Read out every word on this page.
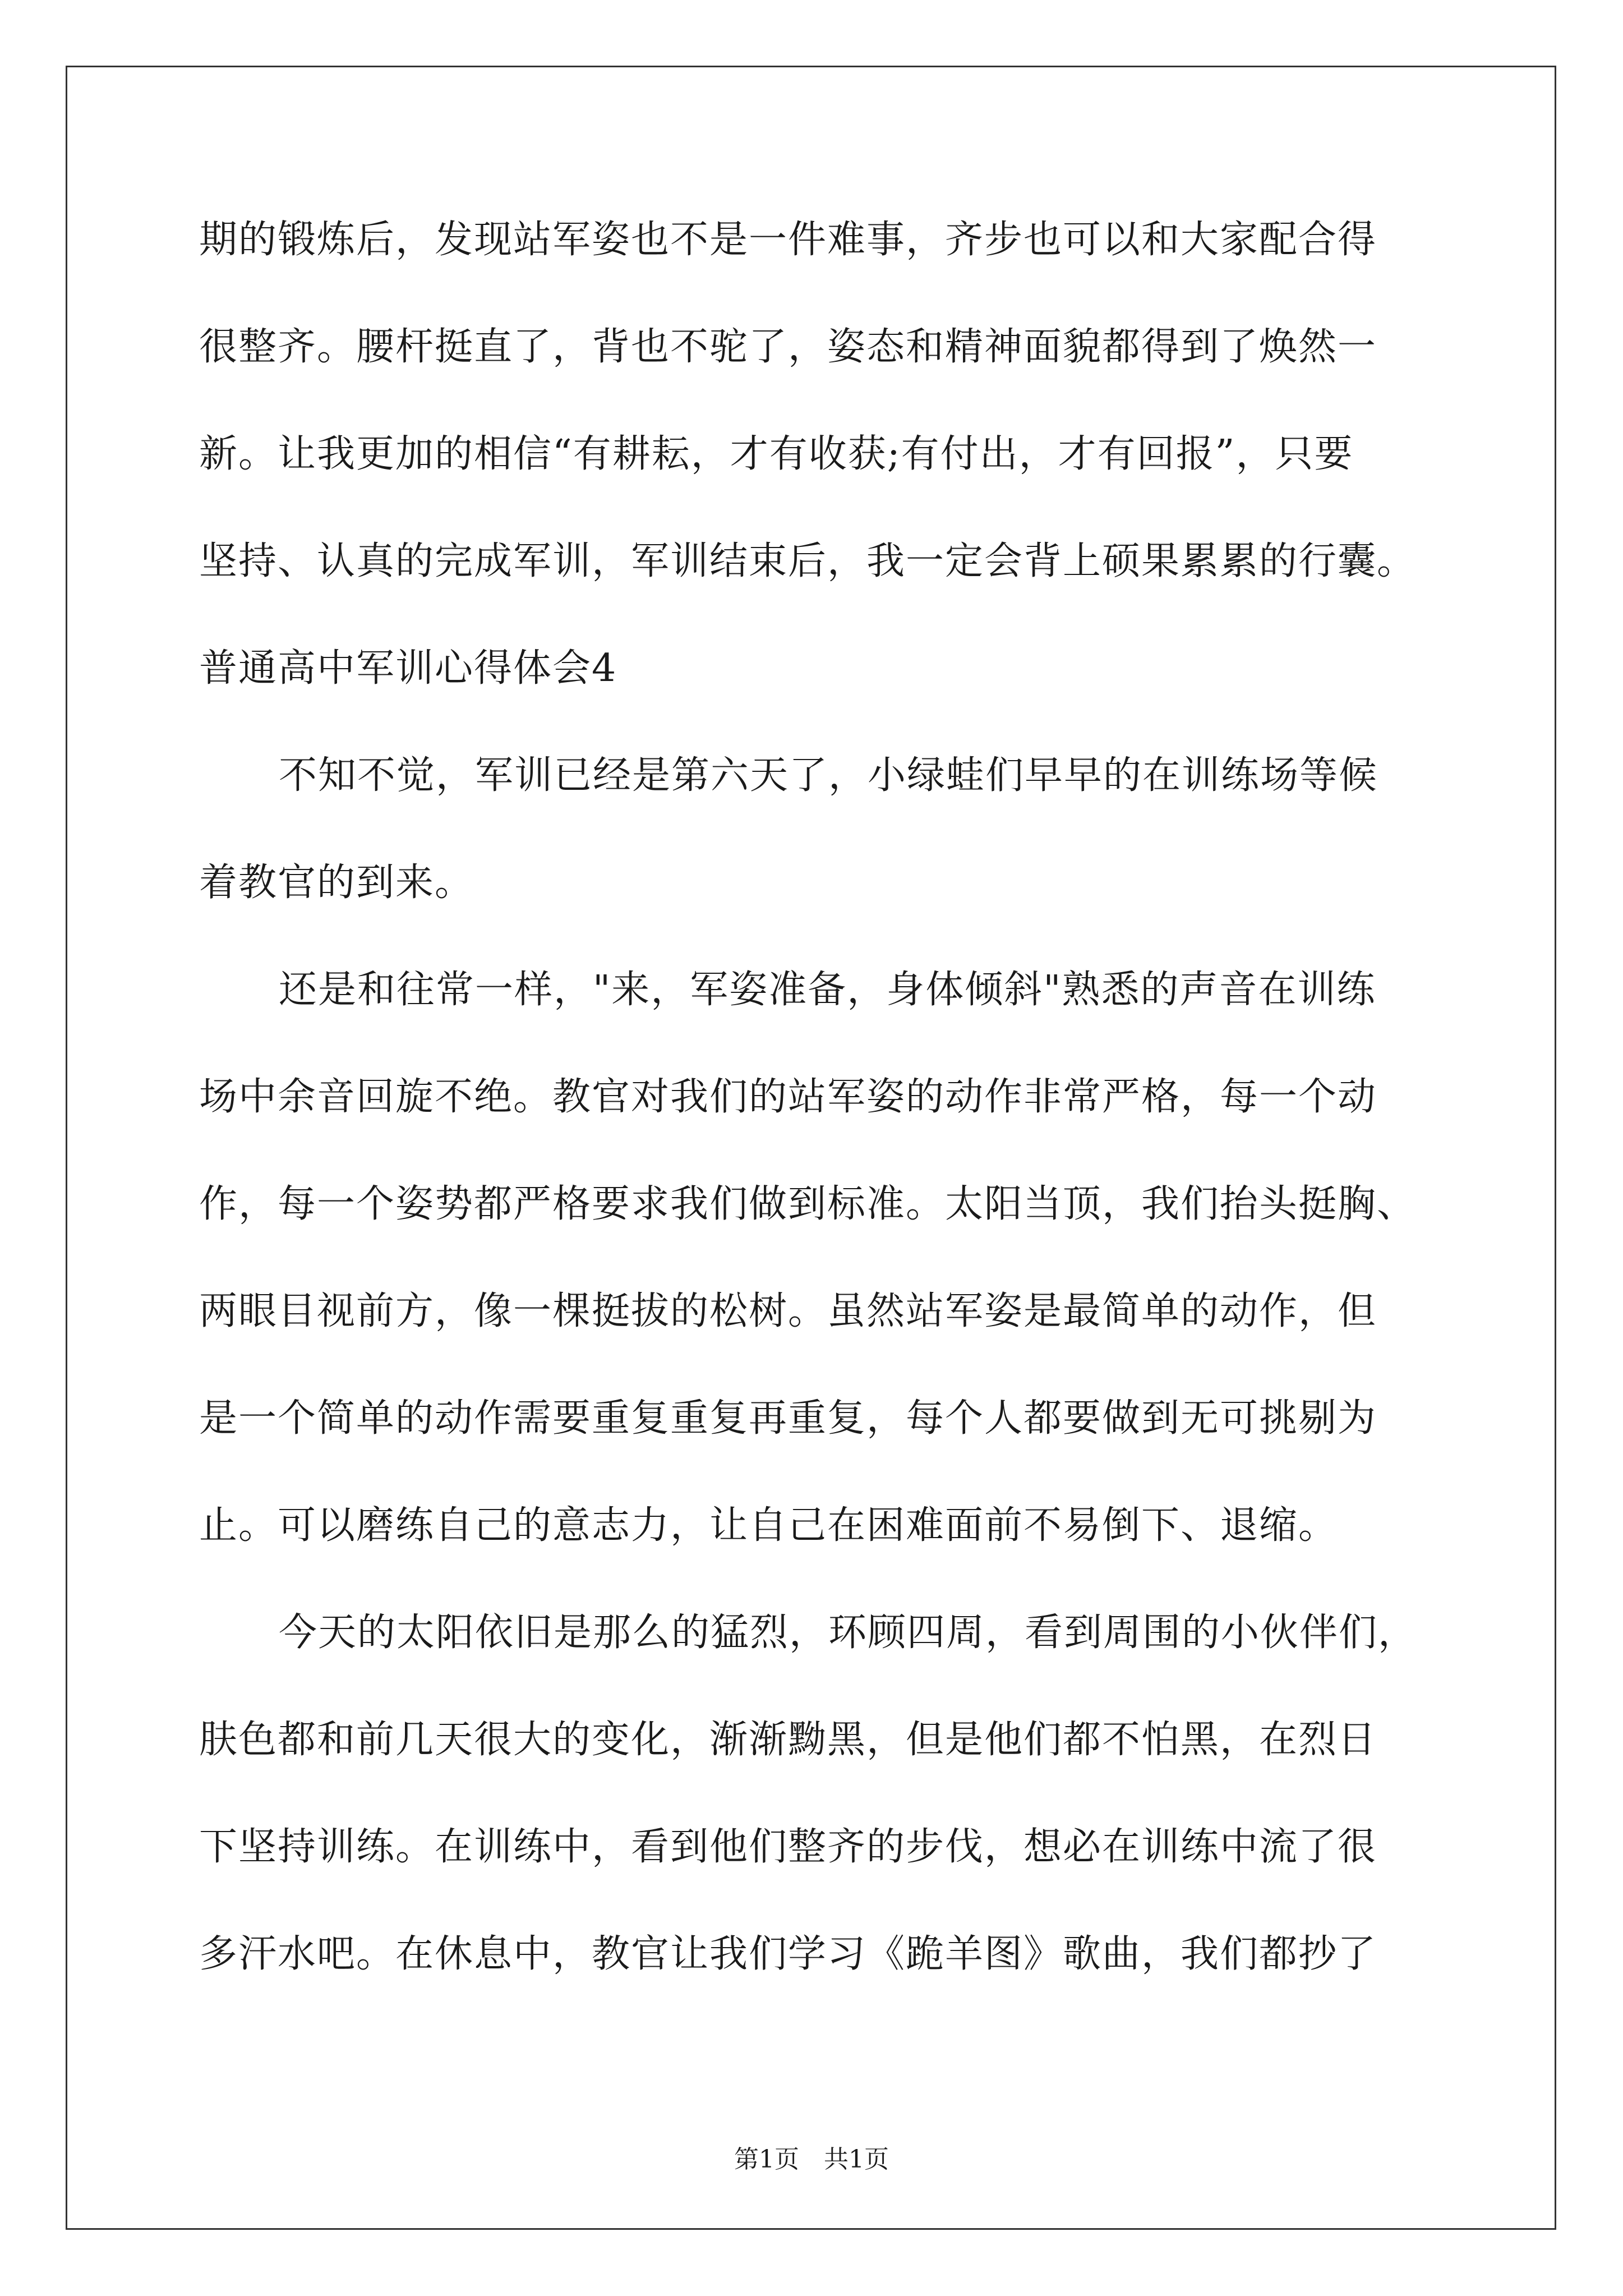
期的锻炼后，发现站军姿也不是一件难事，齐步也可以和大家配合得
很整齐。腰杆挺直了，背也不驼了，姿态和精神面貌都得到了焕然一
新。让我更加的相信“有耕耘，才有收获;有付出，才有回报”，只要
坚持、认真的完成军训，军训结束后，我一定会背上硕果累累的行囊。
普通高中军训心得体会4
不知不觉，军训已经是第六天了，小绿蛙们早早的在训练场等候
着教官的到来。
还是和往常一样，"来，军姿准备，身体倾斜"熟悉的声音在训练
场中余音回旋不绝。教官对我们的站军姿的动作非常严格，每一个动
作，每一个姿势都严格要求我们做到标准。太阳当顶，我们抬头挺胸、
两眼目视前方，像一棵挺拔的松树。虽然站军姿是最简单的动作，但
是一个简单的动作需要重复重复再重复，每个人都要做到无可挑剔为
止。可以磨练自己的意志力，让自己在困难面前不易倒下、退缩。
今天的太阳依旧是那么的猛烈，环顾四周，看到周围的小伙伴们，
肤色都和前几天很大的变化，渐渐黝黑，但是他们都不怕黑，在烈日
下坚持训练。在训练中，看到他们整齐的步伐，想必在训练中流了很
多汗水吧。在休息中，教官让我们学习《跪羊图》歌曲，我们都抄了
第1页　共1页
